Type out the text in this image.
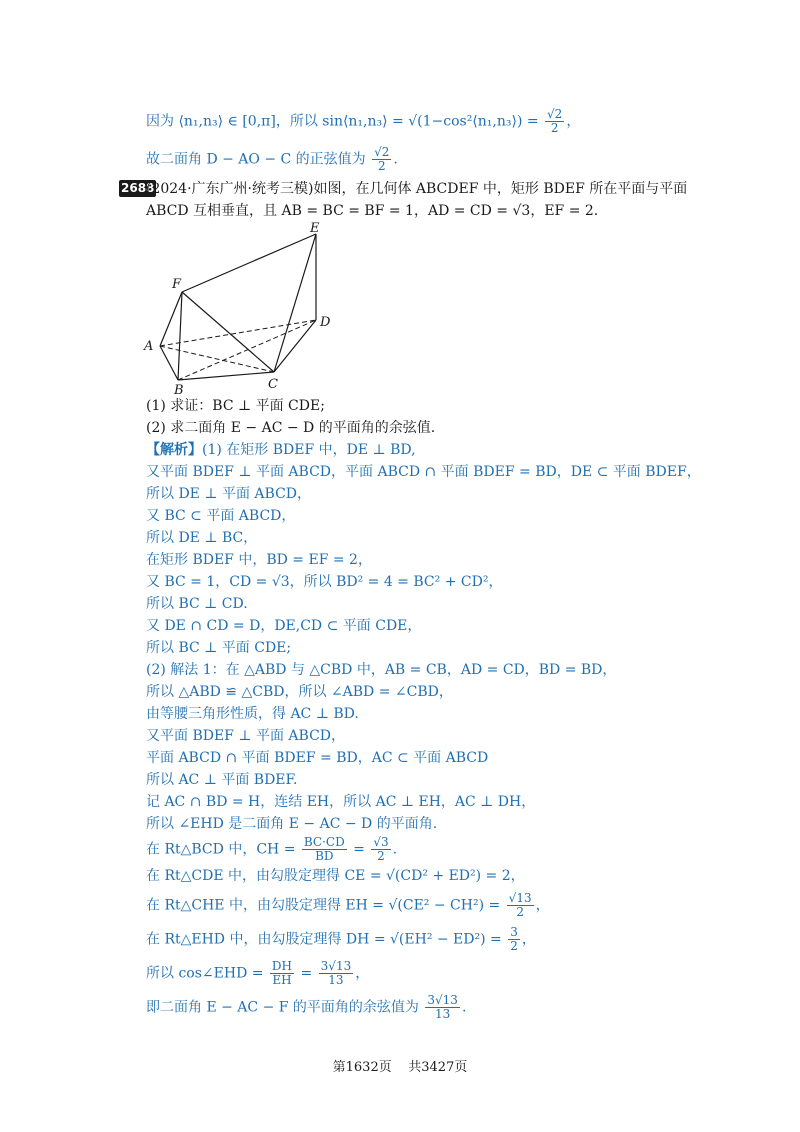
因为 ⟨n₁,n₃⟩ ∈ [0,π]，所以 sin⟨n₁,n₃⟩ = √(1−cos²⟨n₁,n₃⟩) = $\frac{√2}{2}$ ，
故二面角 D − AO − C 的正弦值为 $\frac{√2}{2}$ .
2688
(2024·广东广州·统考三模)如图，在几何体 ABCDEF 中，矩形 BDEF 所在平面与平面
ABCD 互相垂直，且 AB = BC = BF = 1，AD = CD = √3，EF = 2.
E
F
D
A
B	C
(1) 求证：BC ⊥ 平面 CDE;
(2) 求二面角 E − AC − D 的平面角的余弦值.
【解析】(1) 在矩形 BDEF 中，DE ⊥ BD,
又平面 BDEF ⊥ 平面 ABCD，平面 ABCD ∩ 平面 BDEF = BD，DE ⊂ 平面 BDEF，
所以 DE ⊥ 平面 ABCD，
又 BC ⊂ 平面 ABCD，
所以 DE ⊥ BC，
在矩形 BDEF 中，BD = EF = 2，
又 BC = 1，CD = √3，所以 BD² = 4 = BC² + CD²，
所以 BC ⊥ CD.
又 DE ∩ CD = D，DE,CD ⊂ 平面 CDE，
所以 BC ⊥ 平面 CDE;
(2) 解法 1：在 △ABD 与 △CBD 中，AB = CB，AD = CD，BD = BD，
所以 △ABD ≌ △CBD，所以 ∠ABD = ∠CBD，
由等腰三角形性质，得 AC ⊥ BD.
又平面 BDEF ⊥ 平面 ABCD，
平面 ABCD ∩ 平面 BDEF = BD，AC ⊂ 平面 ABCD
所以 AC ⊥ 平面 BDEF.
记 AC ∩ BD = H，连结 EH，所以 AC ⊥ EH，AC ⊥ DH，
所以 ∠EHD 是二面角 E − AC − D 的平面角.
在 Rt△BCD 中，CH = $\frac{BC\cdot CD}{BD} = \frac{√3}{2}$ .
在 Rt△CDE 中，由勾股定理得 CE = √(CD² + ED²) = 2，
在 Rt△CHE 中，由勾股定理得 EH = $√(CE^2 - CH^2) = \frac{√13}{2}$ ，
在 Rt△EHD 中，由勾股定理得 DH = $√(EH^2 - ED^2) = \frac{3}{2}$ ，
所以 cos∠EHD = $\frac{DH}{EH} = \frac{3√13}{13}$ ，
即二面角 E − AC − F 的平面角的余弦值为 $\frac{3√13}{13}$ .
第1632页 共3427页
